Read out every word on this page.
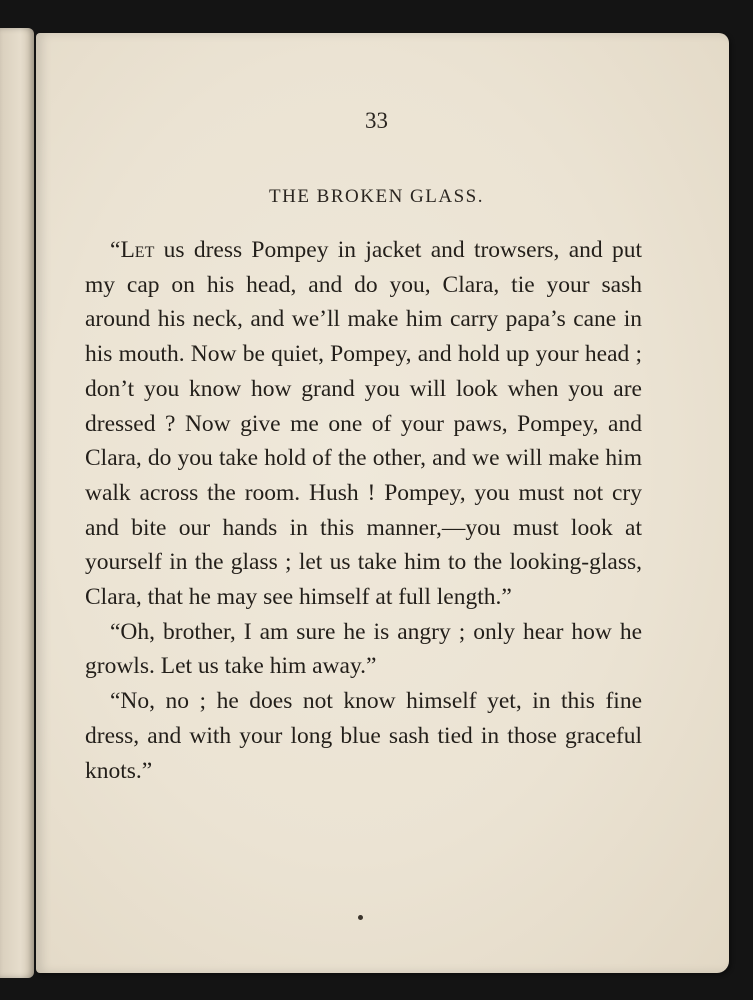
33
THE BROKEN GLASS.

“Let us dress Pompey in jacket and trowsers, and put my cap on his head, and do you, Clara, tie your sash around his neck, and we’ll make him carry papa’s cane in his mouth. Now be quiet, Pompey, and hold up your head ; don’t you know how grand you will look when you are dressed ? Now give me one of your paws, Pompey, and Clara, do you take hold of the other, and we will make him walk across the room. Hush ! Pompey, you must not cry and bite our hands in this manner,—you must look at yourself in the glass ; let us take him to the looking-glass, Clara, that he may see himself at full length.”

“Oh, brother, I am sure he is angry ; only hear how he growls. Let us take him away.”

“No, no ; he does not know himself yet, in this fine dress, and with your long blue sash tied in those graceful knots.”
